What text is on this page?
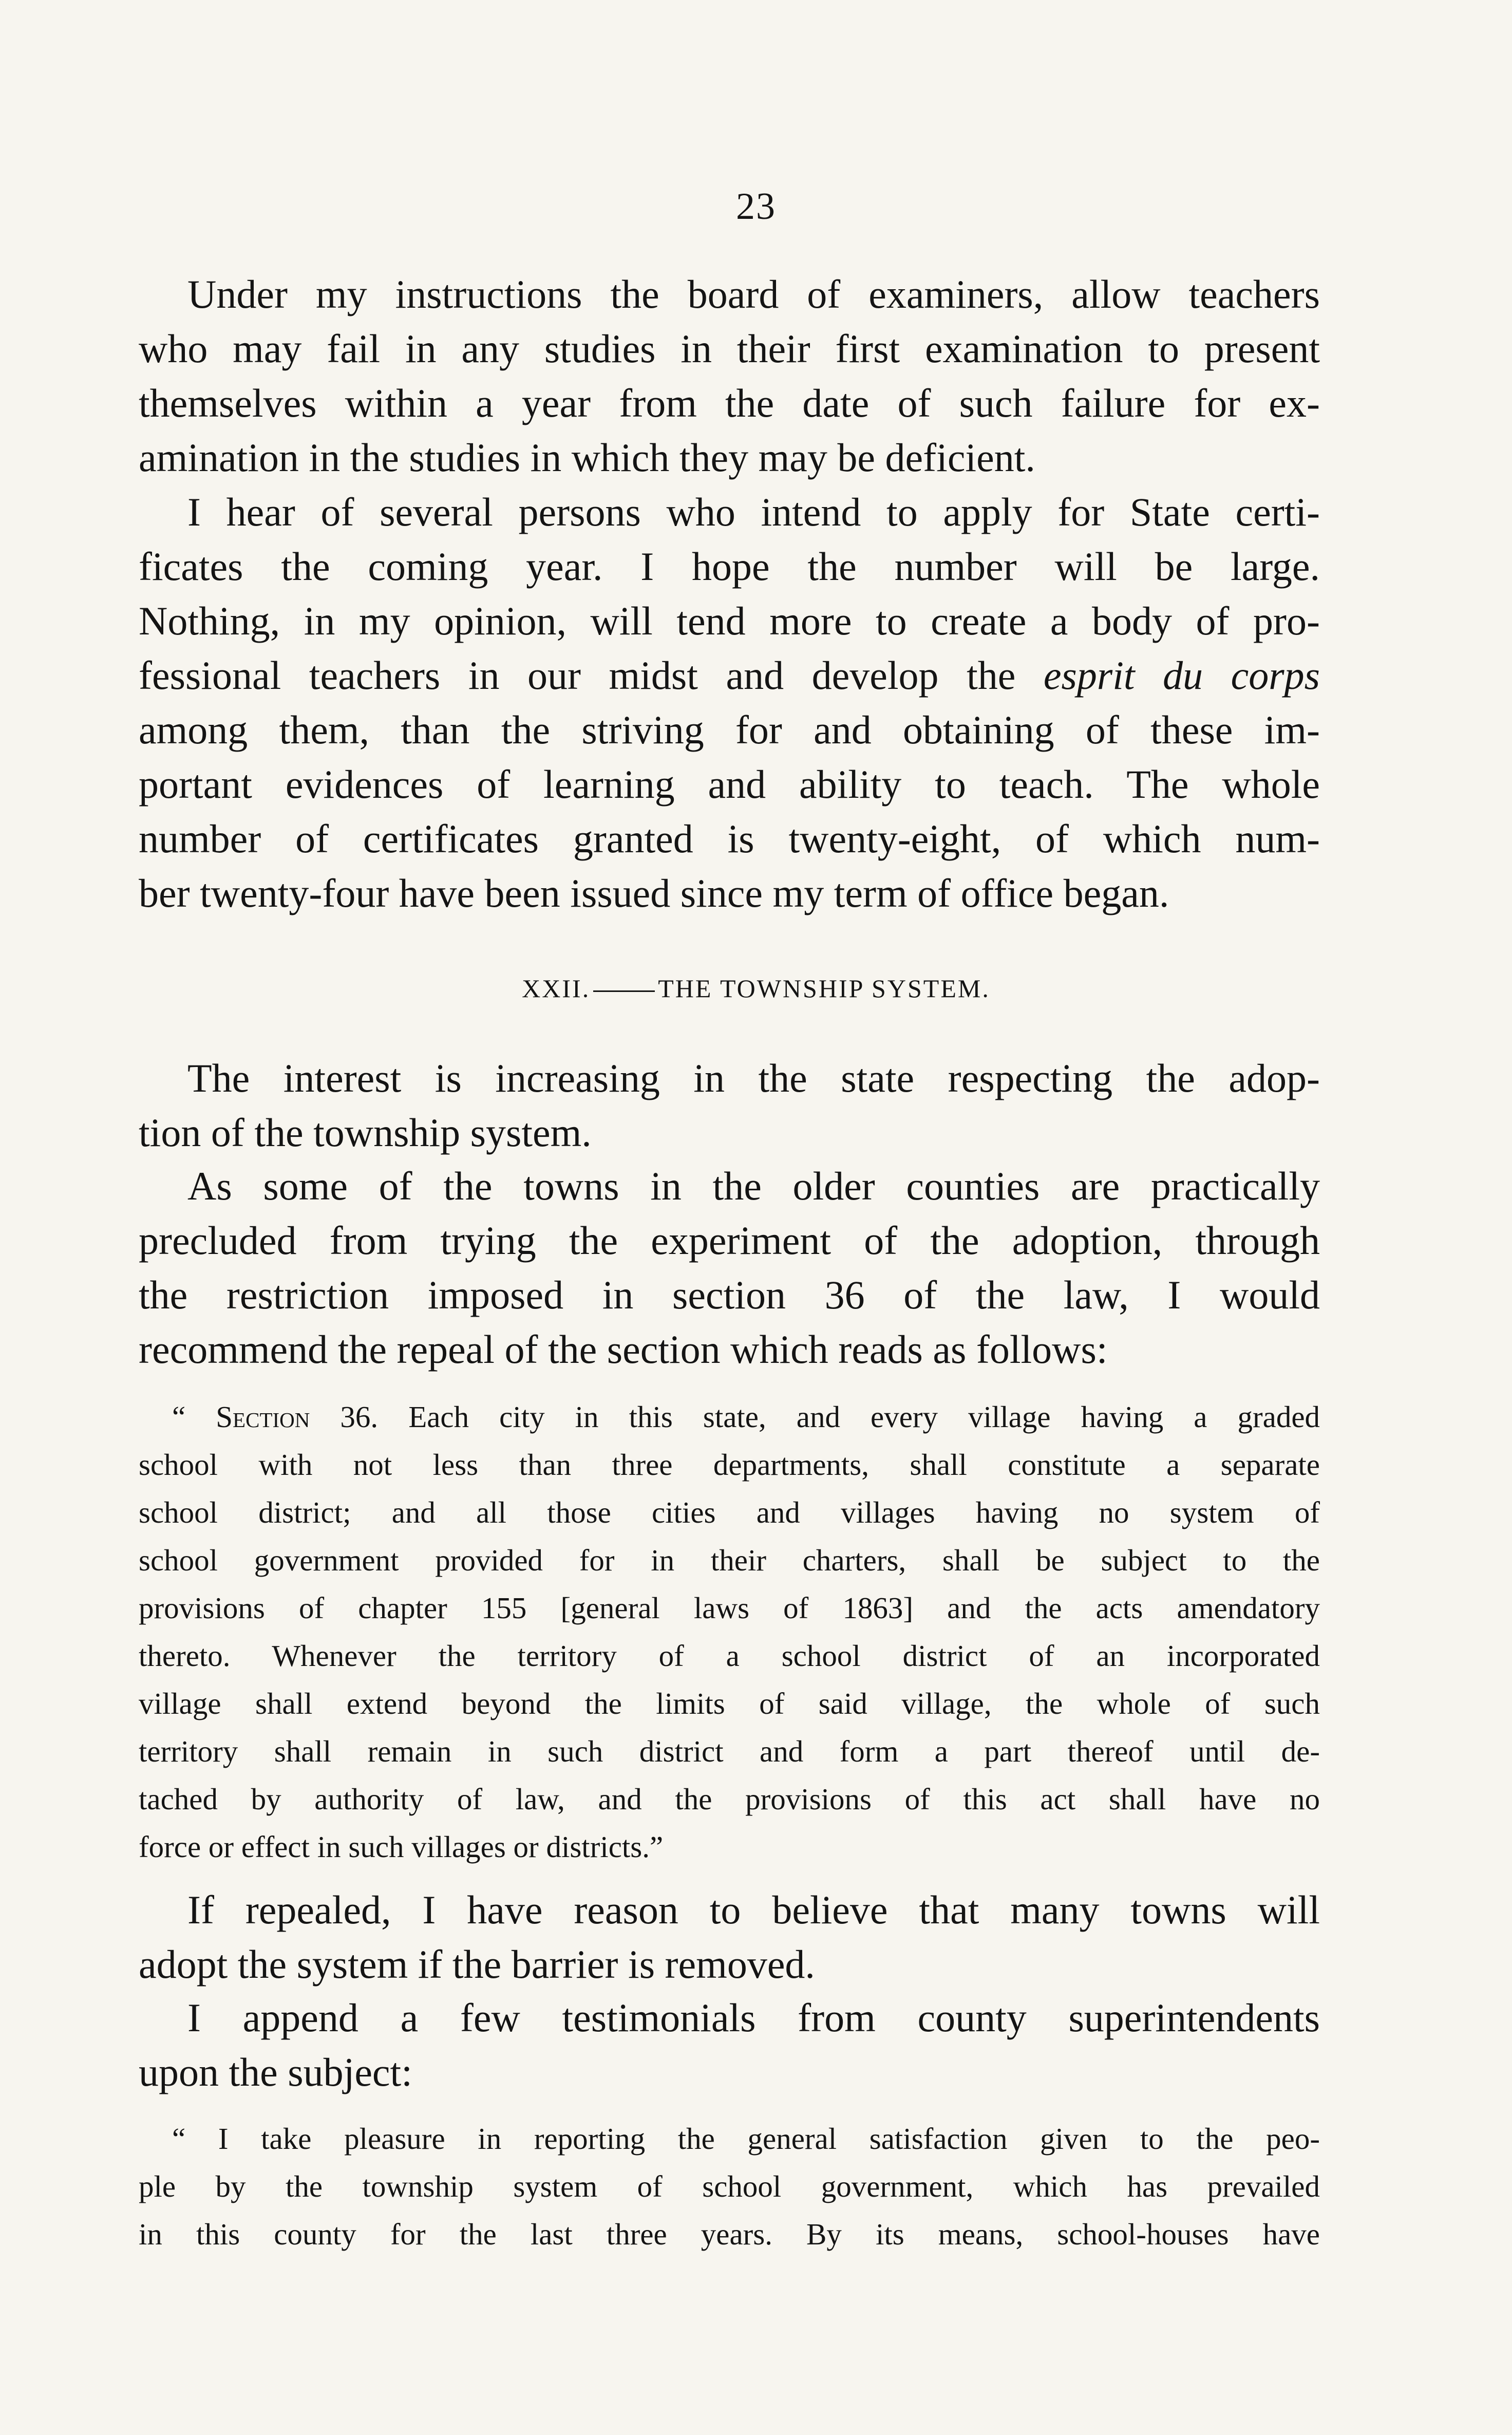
23
Under my instructions the board of examiners, allow teachers
who may fail in any studies in their first examination to present
themselves within a year from the date of such failure for ex-
amination in the studies in which they may be deficient.
I hear of several persons who intend to apply for State certi-
ficates the coming year. I hope the number will be large.
Nothing, in my opinion, will tend more to create a body of pro-
fessional teachers in our midst and develop the esprit du corps
among them, than the striving for and obtaining of these im-
portant evidences of learning and ability to teach. The whole
number of certificates granted is twenty-eight, of which num-
ber twenty-four have been issued since my term of office began.
XXII.	THE TOWNSHIP SYSTEM.
The interest is increasing in the state respecting the adop-
tion of the township system.
As some of the towns in the older counties are practically
precluded from trying the experiment of the adoption, through
the restriction imposed in section 36 of the law, I would
recommend the repeal of the section which reads as follows:
“ Section 36. Each city in this state, and every village having a graded
school with not less than three departments, shall constitute a separate
school district; and all those cities and villages having no system of
school government provided for in their charters, shall be subject to the
provisions of chapter 155 [general laws of 1863] and the acts amendatory
thereto. Whenever the territory of a school district of an incorporated
village shall extend beyond the limits of said village, the whole of such
territory shall remain in such district and form a part thereof until de-
tached by authority of law, and the provisions of this act shall have no
force or effect in such villages or districts.”
If repealed, I have reason to believe that many towns will
adopt the system if the barrier is removed.
I append a few testimonials from county superintendents
upon the subject:
“ I take pleasure in reporting the general satisfaction given to the peo-
ple by the township system of school government, which has prevailed
in this county for the last three years. By its means, school-houses have
